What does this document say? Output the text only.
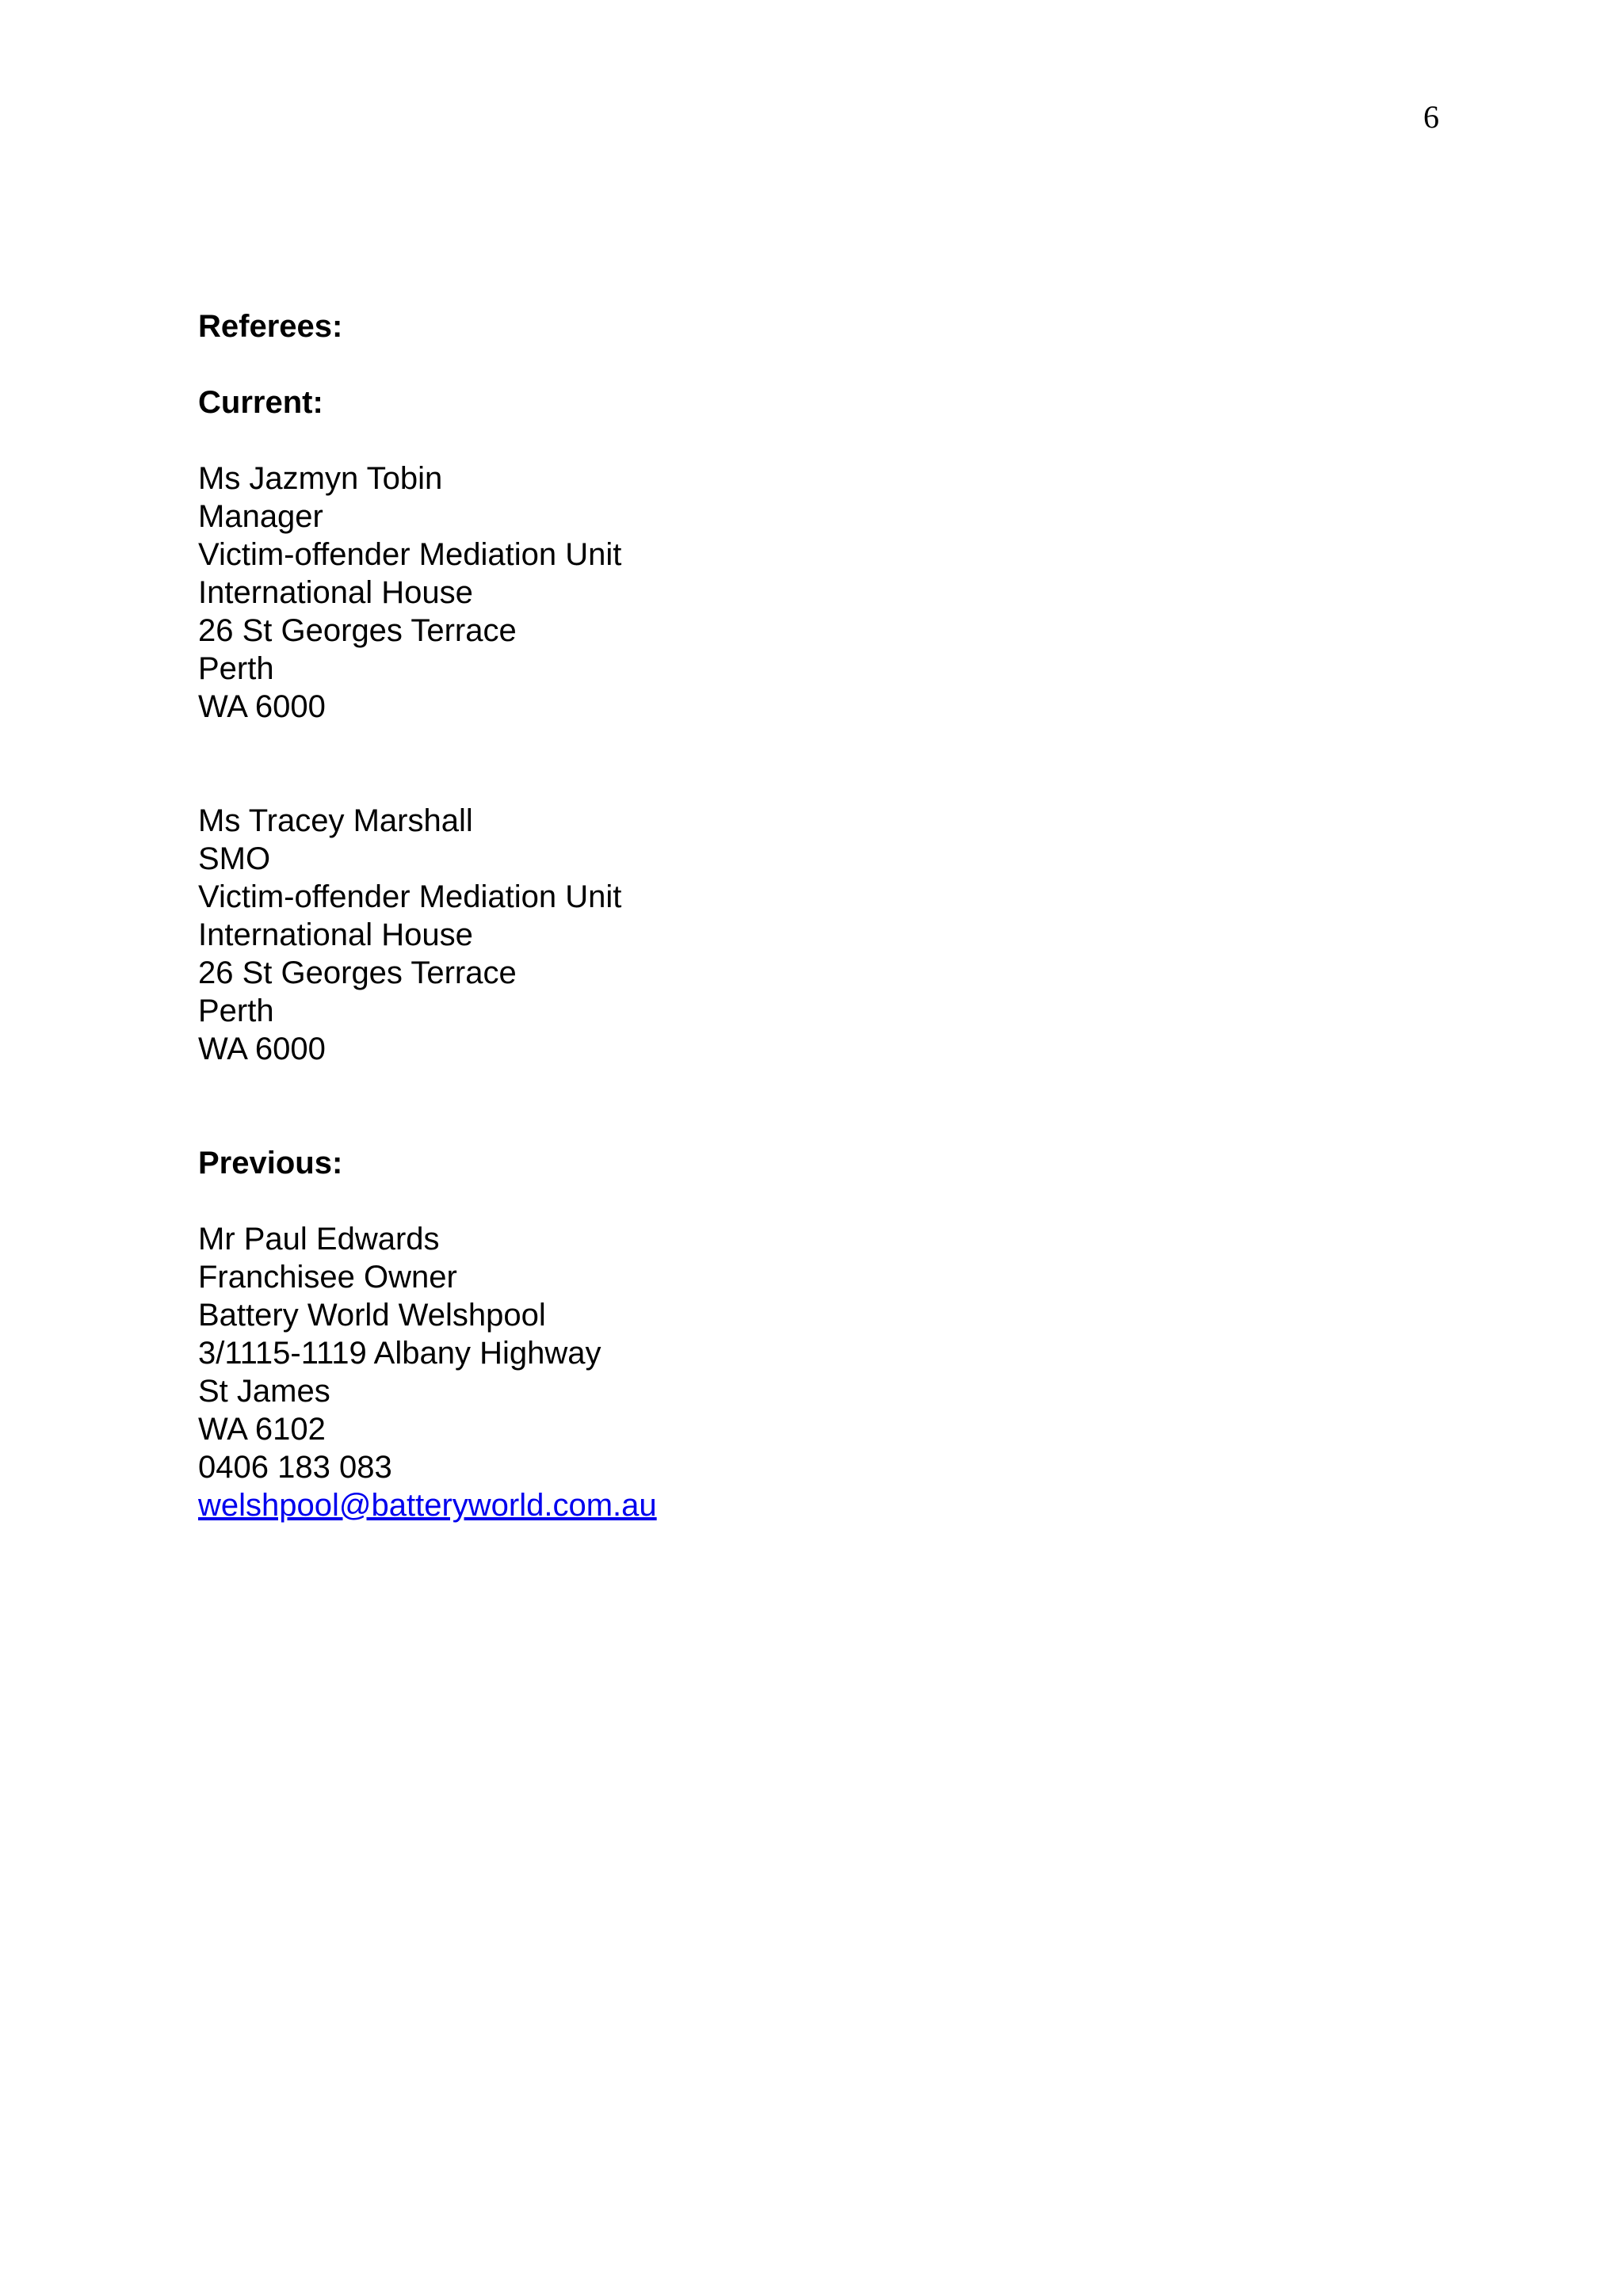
6
Referees:
Current:
Ms Jazmyn Tobin
Manager
Victim-offender Mediation Unit
International House
26 St Georges Terrace
Perth
WA 6000
Ms Tracey Marshall
SMO
Victim-offender Mediation Unit
International House
26 St Georges Terrace
Perth
WA 6000
Previous:
Mr Paul Edwards
Franchisee Owner
Battery World Welshpool
3/1115-1119 Albany Highway
St James
WA 6102
0406 183 083
welshpool@batteryworld.com.au
